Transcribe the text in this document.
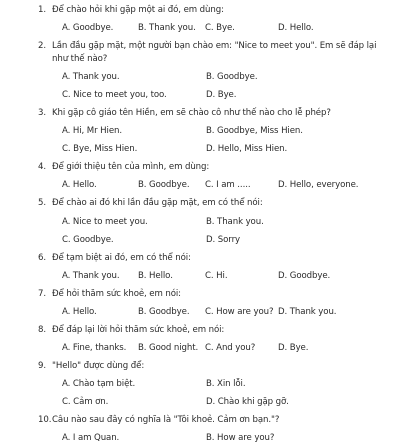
1. Để chào hỏi khi gặp một ai đó, em dùng:
A. Goodbye.	B. Thank you.	C. Bye.	D. Hello.
2. Lần đầu gặp mặt, một người bạn chào em: "Nice to meet you". Em sẽ đáp lại như thế nào?
A. Thank you.	B. Goodbye.
C. Nice to meet you, too.	D. Bye.
3. Khi gặp cô giáo tên Hiền, em sẽ chào cô như thế nào cho lễ phép?
A. Hi, Mr Hien.	B. Goodbye, Miss Hien.
C. Bye, Miss Hien.	D. Hello, Miss Hien.
4. Để giới thiệu tên của mình, em dùng:
A. Hello.	B. Goodbye.	C. I am .....	D. Hello, everyone.
5. Để chào ai đó khi lần đầu gặp mặt, em có thể nói:
A. Nice to meet you.	B. Thank you.
C. Goodbye.	D. Sorry
6. Để tạm biệt ai đó, em có thể nói:
A. Thank you.	B. Hello.	C. Hi.	D. Goodbye.
7. Để hỏi thăm sức khoẻ, em nói:
A. Hello.	B. Goodbye.	C. How are you? D. Thank you.
8. Để đáp lại lời hỏi thăm sức khoẻ, em nói:
A. Fine, thanks.	B. Good night. C. And you?	D. Bye.
9. "Hello" được dùng để:
A. Chào tạm biệt.	B. Xin lỗi.
C. Cảm ơn.	D. Chào khi gặp gỡ.
10. Câu nào sau đây có nghĩa là "Tôi khoẻ. Cảm ơn bạn."?
A. I am Quan.	B. How are you?
